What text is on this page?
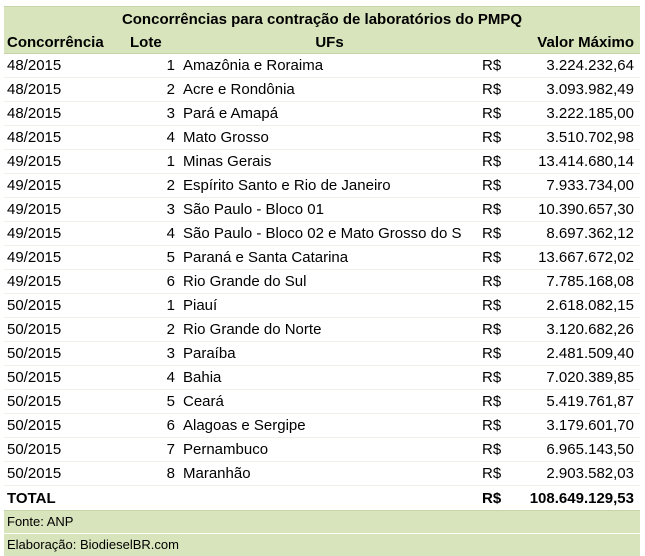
Concorrências para contração de laboratórios do PMPQ
Concorrência	Lote	UFs	Valor Máximo
48/2015	1 Amazônia e Roraima	R$	3.224.232,64
48/2015	2 Acre e Rondônia	R$	3.093.982,49
48/2015	3 Pará e Amapá	R$	3.222.185,00
48/2015	4 Mato Grosso	R$	3.510.702,98
49/2015	1 Minas Gerais	R$	13.414.680,14
49/2015	2 Espírito Santo e Rio de Janeiro	R$	7.933.734,00
49/2015	3 São Paulo - Bloco 01	R$	10.390.657,30
49/2015	4 São Paulo - Bloco 02 e Mato Grosso do S	R$	8.697.362,12
49/2015	5 Paraná e Santa Catarina	R$	13.667.672,02
49/2015	6 Rio Grande do Sul	R$	7.785.168,08
50/2015	1 Piauí	R$	2.618.082,15
50/2015	2 Rio Grande do Norte	R$	3.120.682,26
50/2015	3 Paraíba	R$	2.481.509,40
50/2015	4 Bahia	R$	7.020.389,85
50/2015	5 Ceará	R$	5.419.761,87
50/2015	6 Alagoas e Sergipe	R$	3.179.601,70
50/2015	7 Pernambuco	R$	6.965.143,50
50/2015	8 Maranhão	R$	2.903.582,03
TOTAL	R$	108.649.129,53
Fonte: ANP
Elaboração: BiodieselBR.com
